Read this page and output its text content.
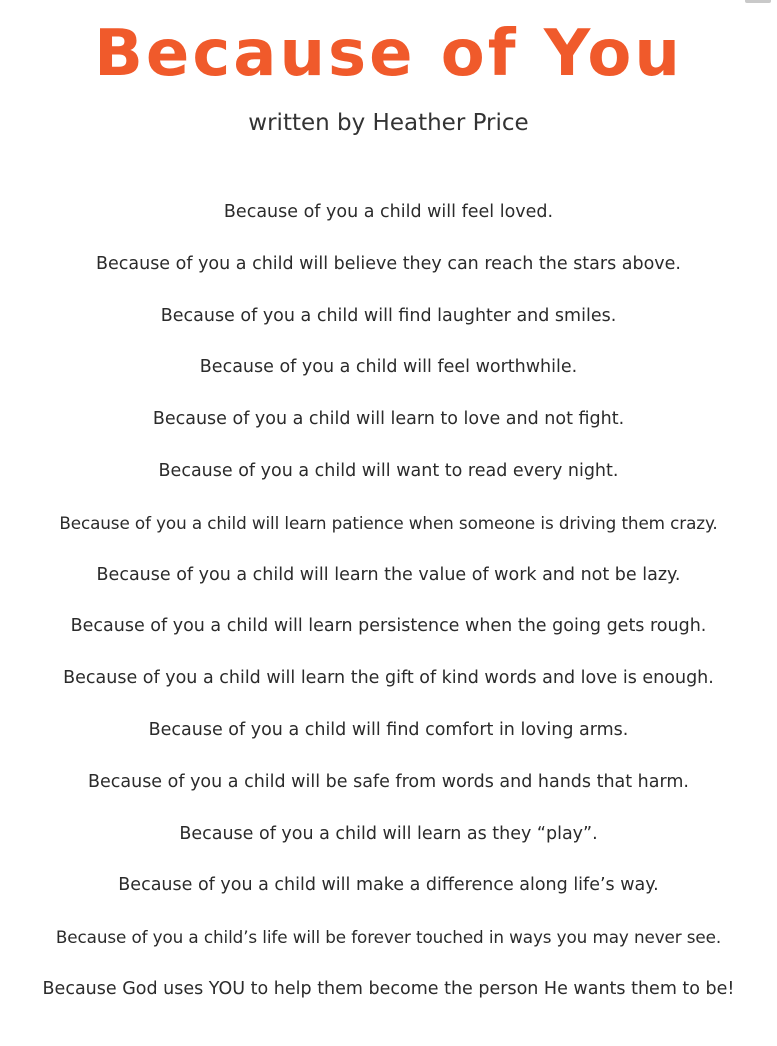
Because of You

written by Heather Price

Because of you a child will feel loved.
Because of you a child will believe they can reach the stars above.
Because of you a child will find laughter and smiles.
Because of you a child will feel worthwhile.
Because of you a child will learn to love and not fight.
Because of you a child will want to read every night.
Because of you a child will learn patience when someone is driving them crazy.
Because of you a child will learn the value of work and not be lazy.
Because of you a child will learn persistence when the going gets rough.
Because of you a child will learn the gift of kind words and love is enough.
Because of you a child will find comfort in loving arms.
Because of you a child will be safe from words and hands that harm.
Because of you a child will learn as they “play”.
Because of you a child will make a difference along life’s way.
Because of you a child’s life will be forever touched in ways you may never see.
Because God uses YOU to help them become the person He wants them to be!
